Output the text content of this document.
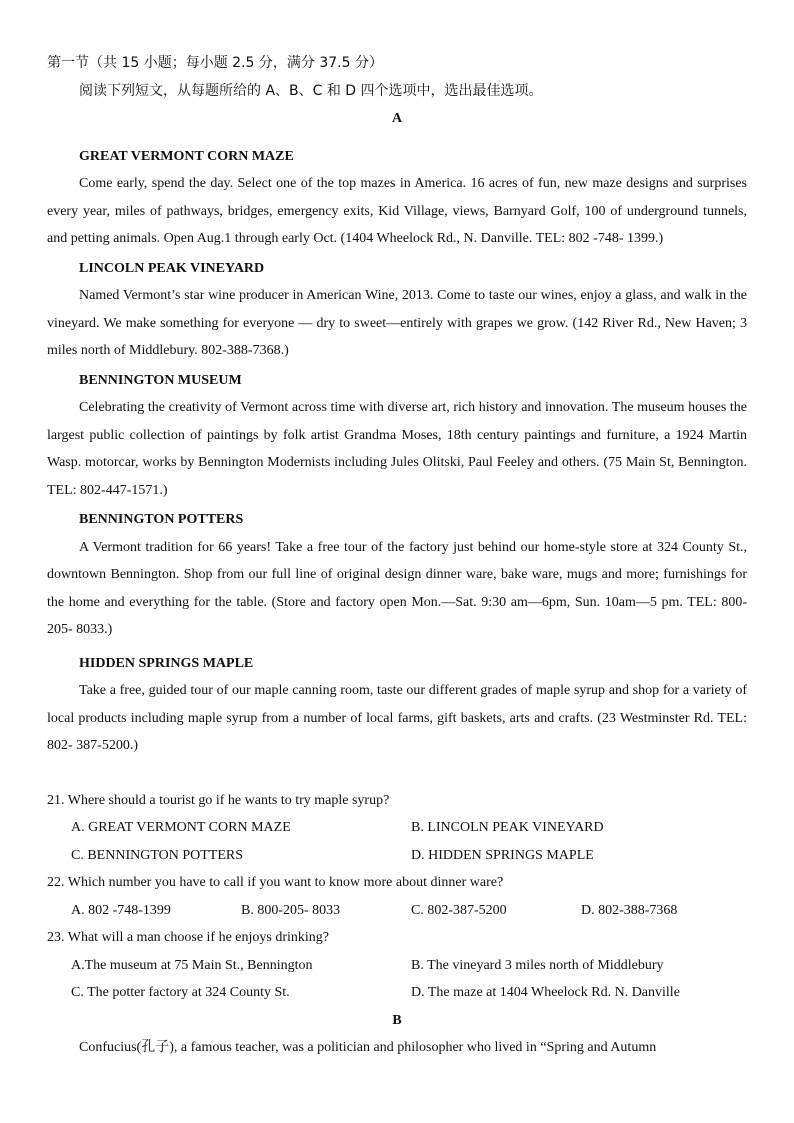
第一节（共 15 小题；每小题 2.5 分，满分 37.5 分）
阅读下列短文，从每题所给的 A、B、C 和 D 四个选项中，选出最佳选项。
A
GREAT VERMONT CORN MAZE
Come early, spend the day. Select one of the top mazes in America. 16 acres of fun, new maze designs and surprises every year, miles of pathways, bridges, emergency exits, Kid Village, views, Barnyard Golf, 100 of underground tunnels, and petting animals. Open Aug.1 through early Oct. (1404 Wheelock Rd., N. Danville. TEL: 802 -748- 1399.)
LINCOLN PEAK VINEYARD
Named Vermont’s star wine producer in American Wine, 2013. Come to taste our wines, enjoy a glass, and walk in the vineyard. We make something for everyone — dry to sweet—entirely with grapes we grow. (142 River Rd., New Haven; 3 miles north of Middlebury. 802-388-7368.)
BENNINGTON MUSEUM
Celebrating the creativity of Vermont across time with diverse art, rich history and innovation. The museum houses the largest public collection of paintings by folk artist Grandma Moses, 18th century paintings and furniture, a 1924 Martin Wasp. motorcar, works by Bennington Modernists including Jules Olitski, Paul Feeley and others. (75 Main St, Bennington. TEL: 802-447-1571.)
BENNINGTON POTTERS
A Vermont tradition for 66 years! Take a free tour of the factory just behind our home-style store at 324 County St., downtown Bennington. Shop from our full line of original design dinner ware, bake ware, mugs and more; furnishings for the home and everything for the table. (Store and factory open Mon.—Sat. 9:30 am—6pm, Sun. 10am—5 pm. TEL: 800-205- 8033.)
HIDDEN SPRINGS MAPLE
Take a free, guided tour of our maple canning room, taste our different grades of maple syrup and shop for a variety of local products including maple syrup from a number of local farms, gift baskets, arts and crafts. (23 Westminster Rd. TEL: 802- 387-5200.)
21. Where should a tourist go if he wants to try maple syrup?
A. GREAT VERMONT CORN MAZE	B. LINCOLN PEAK VINEYARD
C. BENNINGTON POTTERS	D. HIDDEN SPRINGS MAPLE
22. Which number you have to call if you want to know more about dinner ware?
A. 802 -748-1399	B. 800-205- 8033	C. 802-387-5200	D. 802-388-7368
23. What will a man choose if he enjoys drinking?
A.The museum at 75 Main St., Bennington	B. The vineyard 3 miles north of Middlebury
C. The potter factory at 324 County St.	D. The maze at 1404 Wheelock Rd. N. Danville
B
Confucius(孔子), a famous teacher, was a politician and philosopher who lived in “Spring and Autumn
